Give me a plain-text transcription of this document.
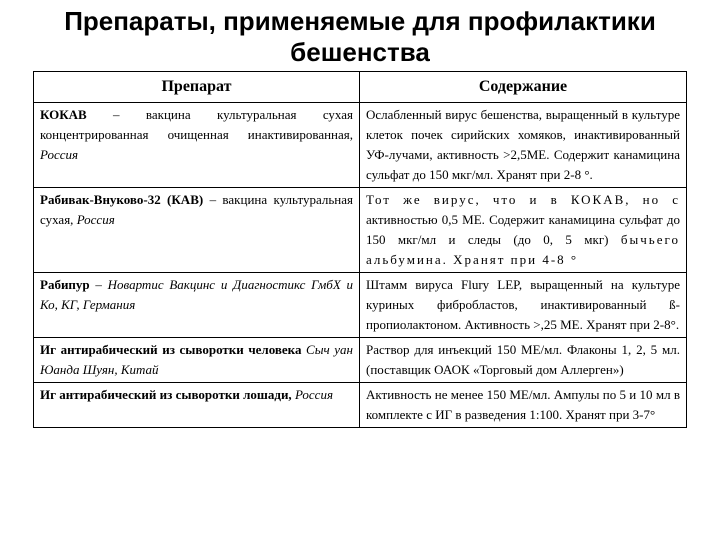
Препараты, применяемые для профилактики
бешенства
Препарат	Содержание
КОКАВ – вакцина культуральная сухая концентрированная очищенная инактивированная, Россия	Ослабленный вирус бешенства, выращенный в культуре клеток почек сирийских хомяков, инактивированный УФ-лучами, активность >2,5МЕ. Содержит канамицина сульфат до 150 мкг/мл. Хранят при 2-8 °.
Рабивак-Внуково-32 (КАВ) – вакцина культуральная сухая, Россия	Тот же вирус, что и в КОКАВ, но с активностью 0,5 МЕ. Содержит канамицина сульфат до 150 мкг/мл и следы (до 0, 5 мкг) бычьего альбумина. Хранят при 4-8 °
Рабипур – Новартис Вакцинс и Диагностикс ГмбХ и Ко, КГ, Германия	Штамм вируса Flury LEP, выращенный на культуре куриных фибробластов, инактивированный ß- пропиолактоном. Активность >,25 МЕ. Хранят при 2-8°.
Иг антирабический из сыворотки человека Сыч уан Юанда Шуян, Китай	Раствор для инъекций 150 МЕ/мл. Флаконы 1, 2, 5 мл. (поставщик ОАОК «Торговый дом Аллерген»)
Иг антирабический из сыворотки лошади, Россия	Активность не менее 150 МЕ/мл. Ампулы по 5 и 10 мл в комплекте с ИГ в разведения 1:100. Хранят при 3-7°
